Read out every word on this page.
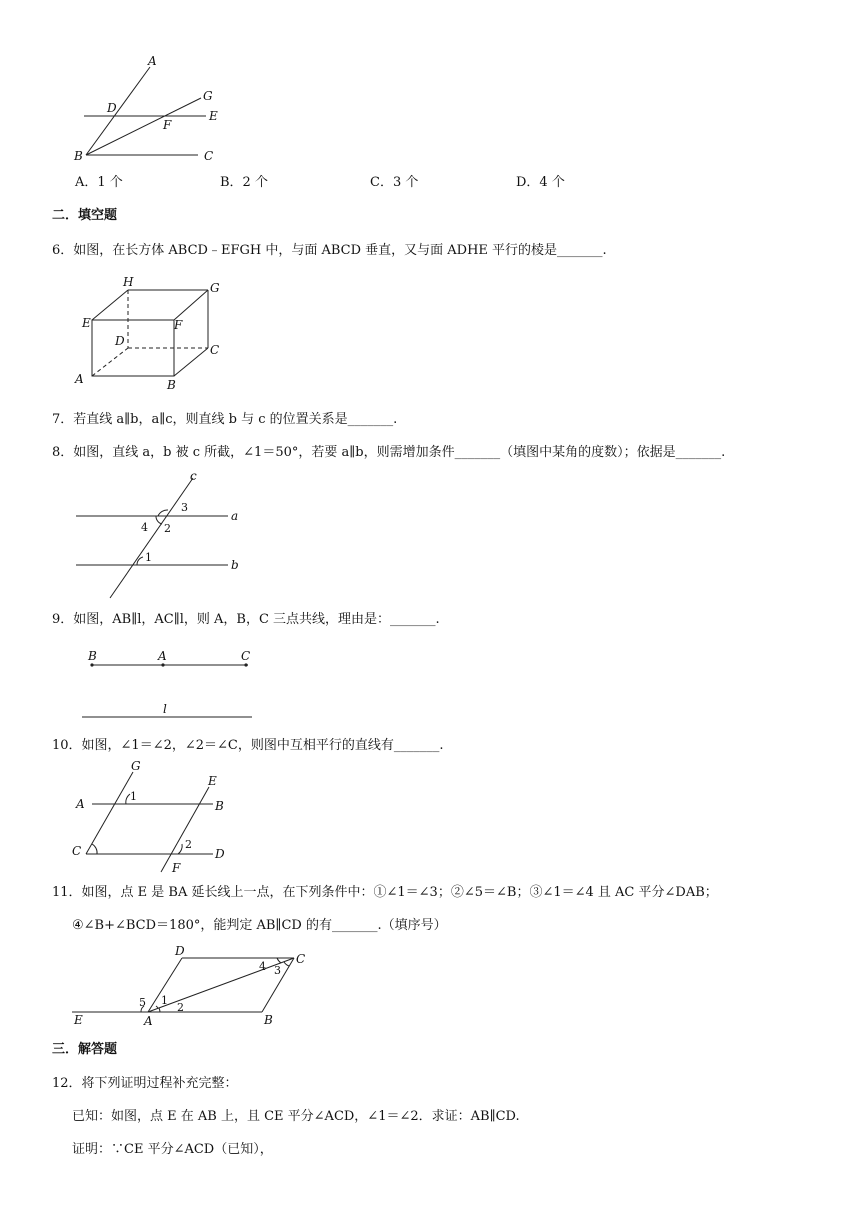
A
G
D
E
F
B	C
A．1 个	B．2 个	C．3 个	D．4 个
二．填空题
6．如图，在长方体 ABCD﹣EFGH 中，与面 ABCD 垂直，又与面 ADHE 平行的棱是_______.
H	G
E	F
D
C
A	B
7．若直线 a∥b，a∥c，则直线 b 与 c 的位置关系是_______.
8．如图，直线 a，b 被 c 所截，∠1＝50°，若要 a∥b，则需增加条件_______（填图中某角的度数）；依据是_______.
c
a
b
3
4 2
1
9．如图，AB∥l，AC∥l，则 A，B，C 三点共线，理由是：_______.
B	A	C
l
10．如图，∠1＝∠2，∠2＝∠C，则图中互相平行的直线有_______.
G
E
A	B
C	D
F
1
2
11．如图，点 E 是 BA 延长线上一点，在下列条件中：①∠1＝∠3；②∠5＝∠B；③∠1＝∠4 且 AC 平分∠DAB；
④∠B+∠BCD＝180°，能判定 AB∥CD 的有_______.（填序号）
D
C
E	A	B
5 1
2
4 3
三．解答题
12．将下列证明过程补充完整：
已知：如图，点 E 在 AB 上，且 CE 平分∠ACD，∠1＝∠2．求证：AB∥CD.
证明：∵CE 平分∠ACD（已知），
